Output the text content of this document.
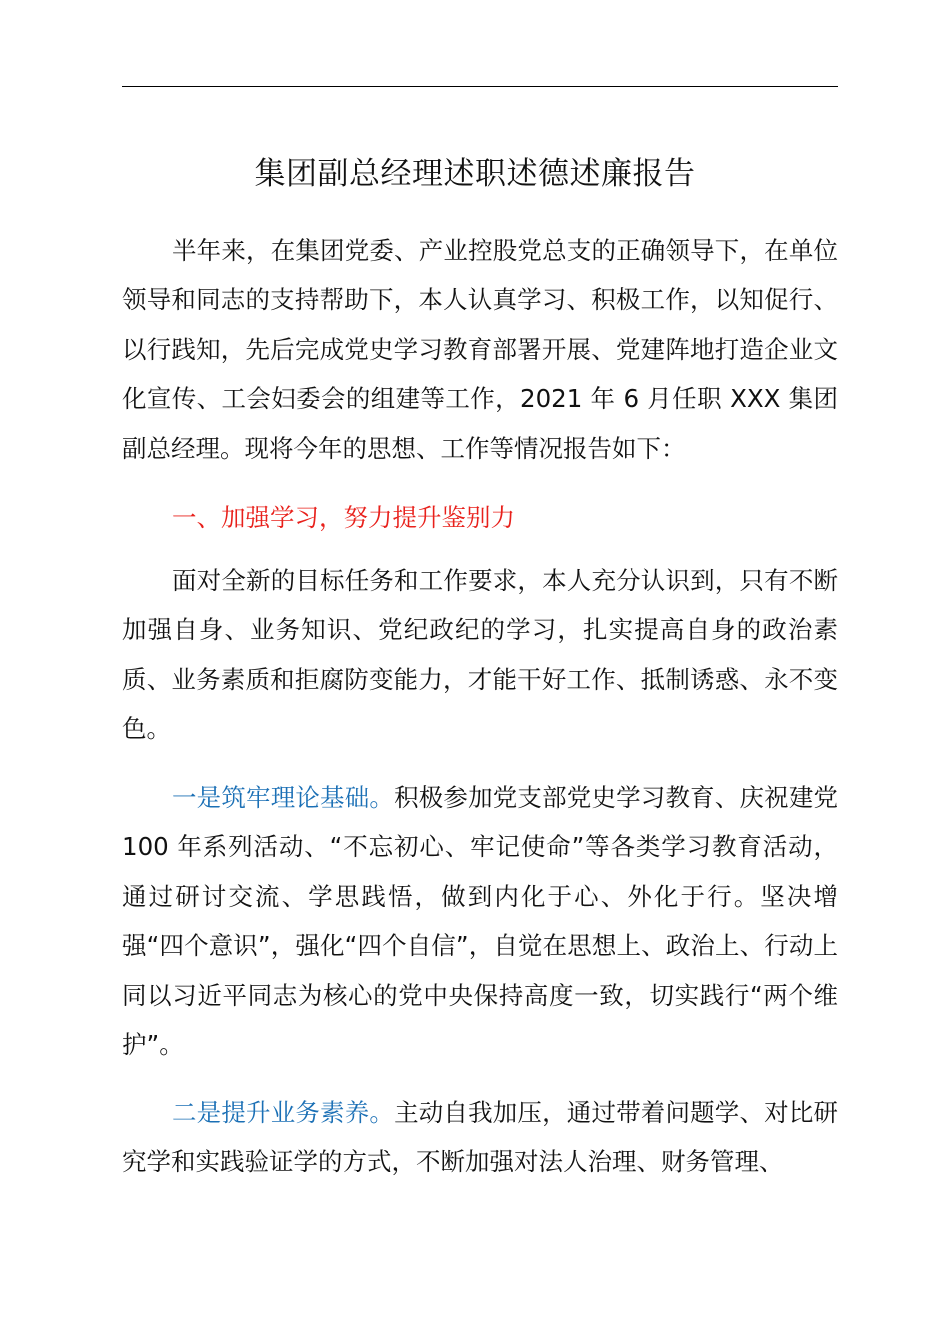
集团副总经理述职述德述廉报告

半年来，在集团党委、产业控股党总支的正确领导下，在单位领导和同志的支持帮助下，本人认真学习、积极工作，以知促行、以行践知，先后完成党史学习教育部署开展、党建阵地打造企业文化宣传、工会妇委会的组建等工作，2021 年 6 月任职 XXX 集团副总经理。现将今年的思想、工作等情况报告如下：

一、加强学习，努力提升鉴别力

面对全新的目标任务和工作要求，本人充分认识到，只有不断加强自身、业务知识、党纪政纪的学习，扎实提高自身的政治素质、业务素质和拒腐防变能力，才能干好工作、抵制诱惑、永不变色。

一是筑牢理论基础。积极参加党支部党史学习教育、庆祝建党 100 年系列活动、“不忘初心、牢记使命”等各类学习教育活动，通过研讨交流、学思践悟，做到内化于心、外化于行。坚决增强“四个意识”，强化“四个自信”，自觉在思想上、政治上、行动上同以习近平同志为核心的党中央保持高度一致，切实践行“两个维护”。

二是提升业务素养。主动自我加压，通过带着问题学、对比研究学和实践验证学的方式，不断加强对法人治理、财务管理、
